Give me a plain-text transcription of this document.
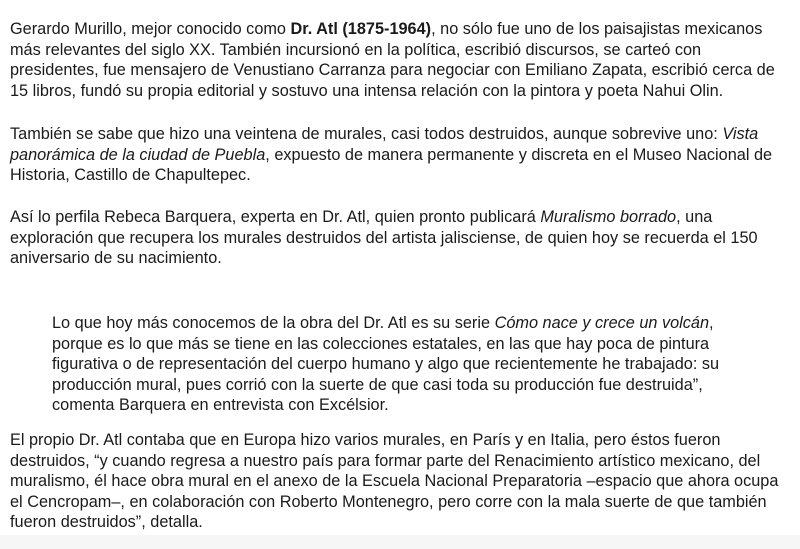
Gerardo Murillo, mejor conocido como Dr. Atl (1875-1964), no sólo fue uno de los paisajistas mexicanos más relevantes del siglo XX. También incursionó en la política, escribió discursos, se carteó con presidentes, fue mensajero de Venustiano Carranza para negociar con Emiliano Zapata, escribió cerca de 15 libros, fundó su propia editorial y sostuvo una intensa relación con la pintora y poeta Nahui Olin.

También se sabe que hizo una veintena de murales, casi todos destruidos, aunque sobrevive uno: Vista panorámica de la ciudad de Puebla, expuesto de manera permanente y discreta en el Museo Nacional de Historia, Castillo de Chapultepec.

Así lo perfila Rebeca Barquera, experta en Dr. Atl, quien pronto publicará Muralismo borrado, una exploración que recupera los murales destruidos del artista jalisciense, de quien hoy se recuerda el 150 aniversario de su nacimiento.

Lo que hoy más conocemos de la obra del Dr. Atl es su serie Cómo nace y crece un volcán, porque es lo que más se tiene en las colecciones estatales, en las que hay poca de pintura figurativa o de representación del cuerpo humano y algo que recientemente he trabajado: su producción mural, pues corrió con la suerte de que casi toda su producción fue destruida”, comenta Barquera en entrevista con Excélsior.

El propio Dr. Atl contaba que en Europa hizo varios murales, en París y en Italia, pero éstos fueron destruidos, “y cuando regresa a nuestro país para formar parte del Renacimiento artístico mexicano, del muralismo, él hace obra mural en el anexo de la Escuela Nacional Preparatoria –espacio que ahora ocupa el Cencropam–, en colaboración con Roberto Montenegro, pero corre con la mala suerte de que también fueron destruidos”, detalla.
